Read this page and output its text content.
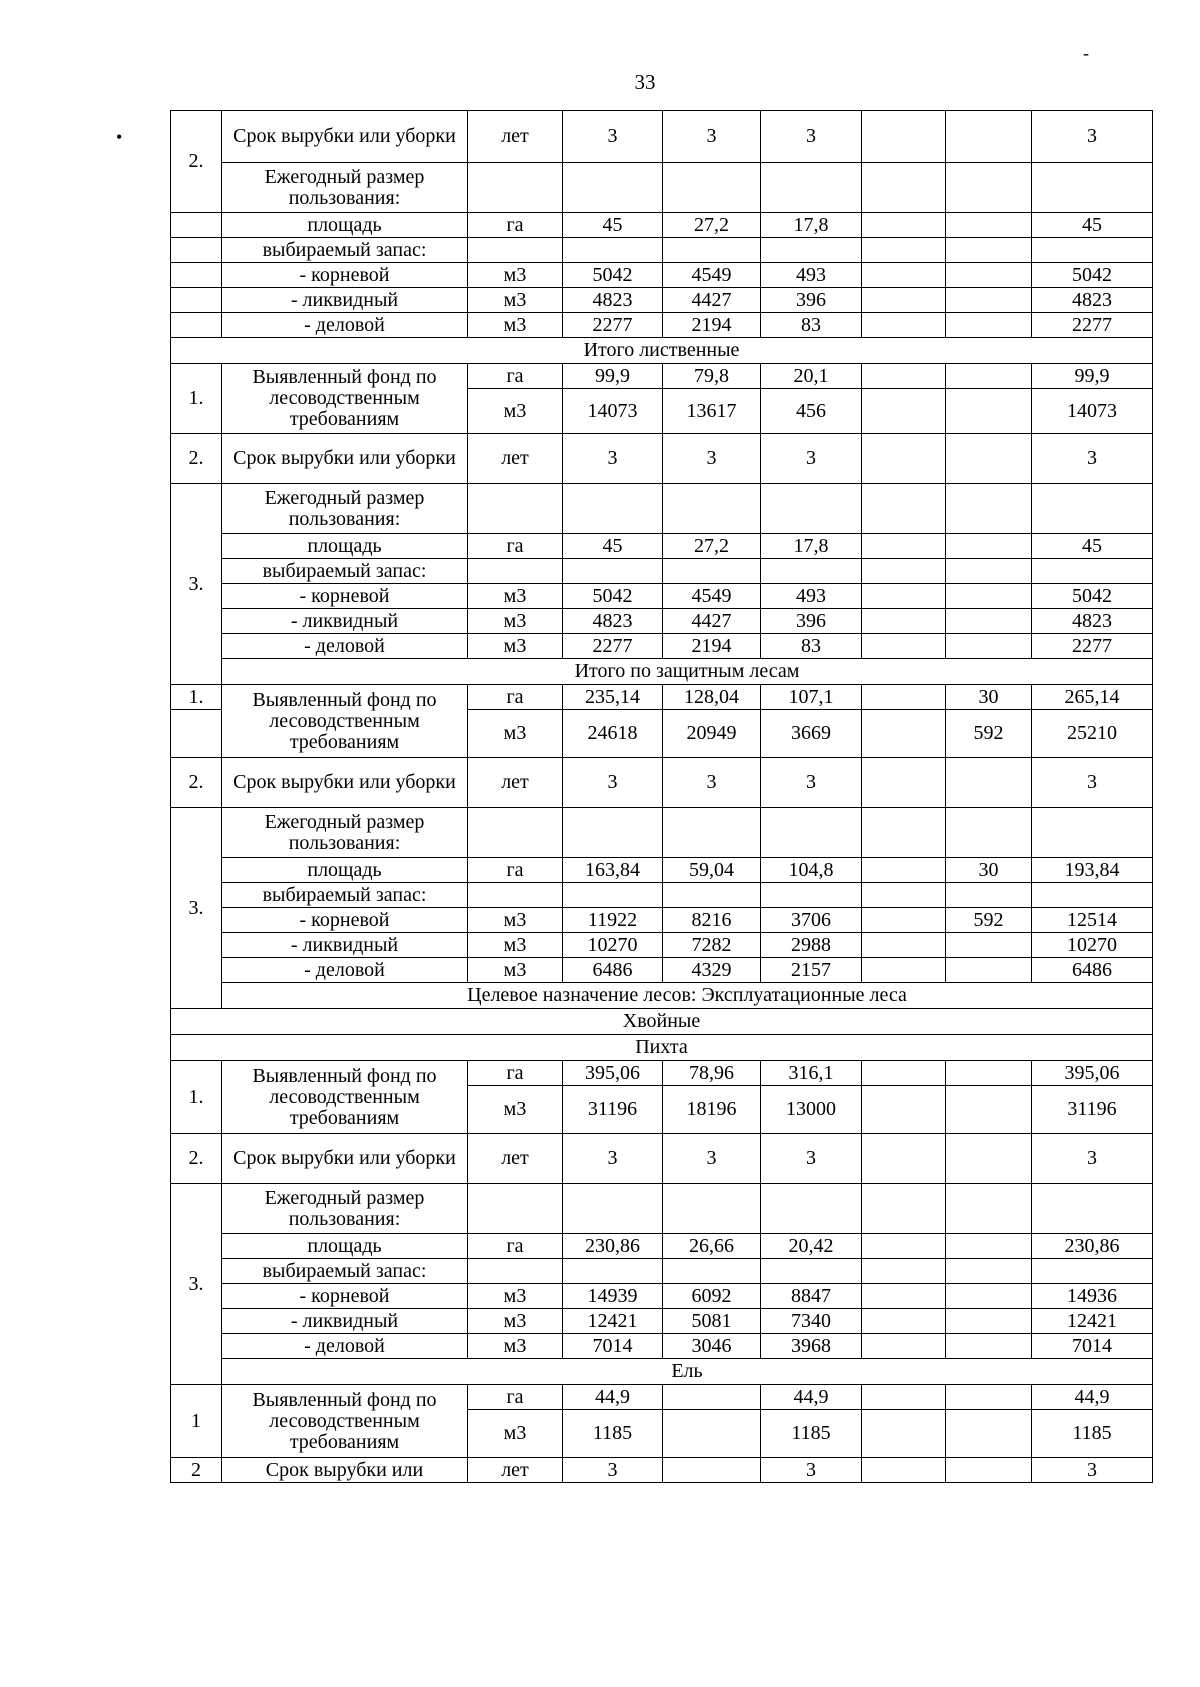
33
•
-
2.	Срок вырубки или уборки	лет	3	3	3			3
	Ежегодный размер пользования:							
	площадь	га	45	27,2	17,8			45
	выбираемый запас:							
	- корневой	м3	5042	4549	493			5042
	- ликвидный	м3	4823	4427	396			4823
	- деловой	м3	2277	2194	83			2277
Итого лиственные								
1.	Выявленный фонд по лесоводственным требованиям	га	99,9	79,8	20,1			99,9
		м3	14073	13617	456			14073
2.	Срок вырубки или уборки	лет	3	3	3			3
3.	Ежегодный размер пользования:							
	площадь	га	45	27,2	17,8			45
	выбираемый запас:							
	- корневой	м3	5042	4549	493			5042
	- ликвидный	м3	4823	4427	396			4823
	- деловой	м3	2277	2194	83			2277
	Итого по защитным лесам							
1.	Выявленный фонд по лесоводственным требованиям	га	235,14	128,04	107,1		30	265,14
		м3	24618	20949	3669		592	25210
2.	Срок вырубки или уборки	лет	3	3	3			3
3.	Ежегодный размер пользования:							
	площадь	га	163,84	59,04	104,8		30	193,84
	выбираемый запас:							
	- корневой	м3	11922	8216	3706		592	12514
	- ликвидный	м3	10270	7282	2988			10270
	- деловой	м3	6486	4329	2157			6486
	Целевое назначение лесов: Эксплуатационные леса							
Хвойные								
Пихта								
1.	Выявленный фонд по лесоводственным требованиям	га	395,06	78,96	316,1			395,06
		м3	31196	18196	13000			31196
2.	Срок вырубки или уборки	лет	3	3	3			3
3.	Ежегодный размер пользования:							
	площадь	га	230,86	26,66	20,42			230,86
	выбираемый запас:							
	- корневой	м3	14939	6092	8847			14936
	- ликвидный	м3	12421	5081	7340			12421
	- деловой	м3	7014	3046	3968			7014
	Ель							
1	Выявленный фонд по лесоводственным требованиям	га	44,9		44,9			44,9
		м3	1185		1185			1185
2	Срок вырубки или	лет	3		3			3
